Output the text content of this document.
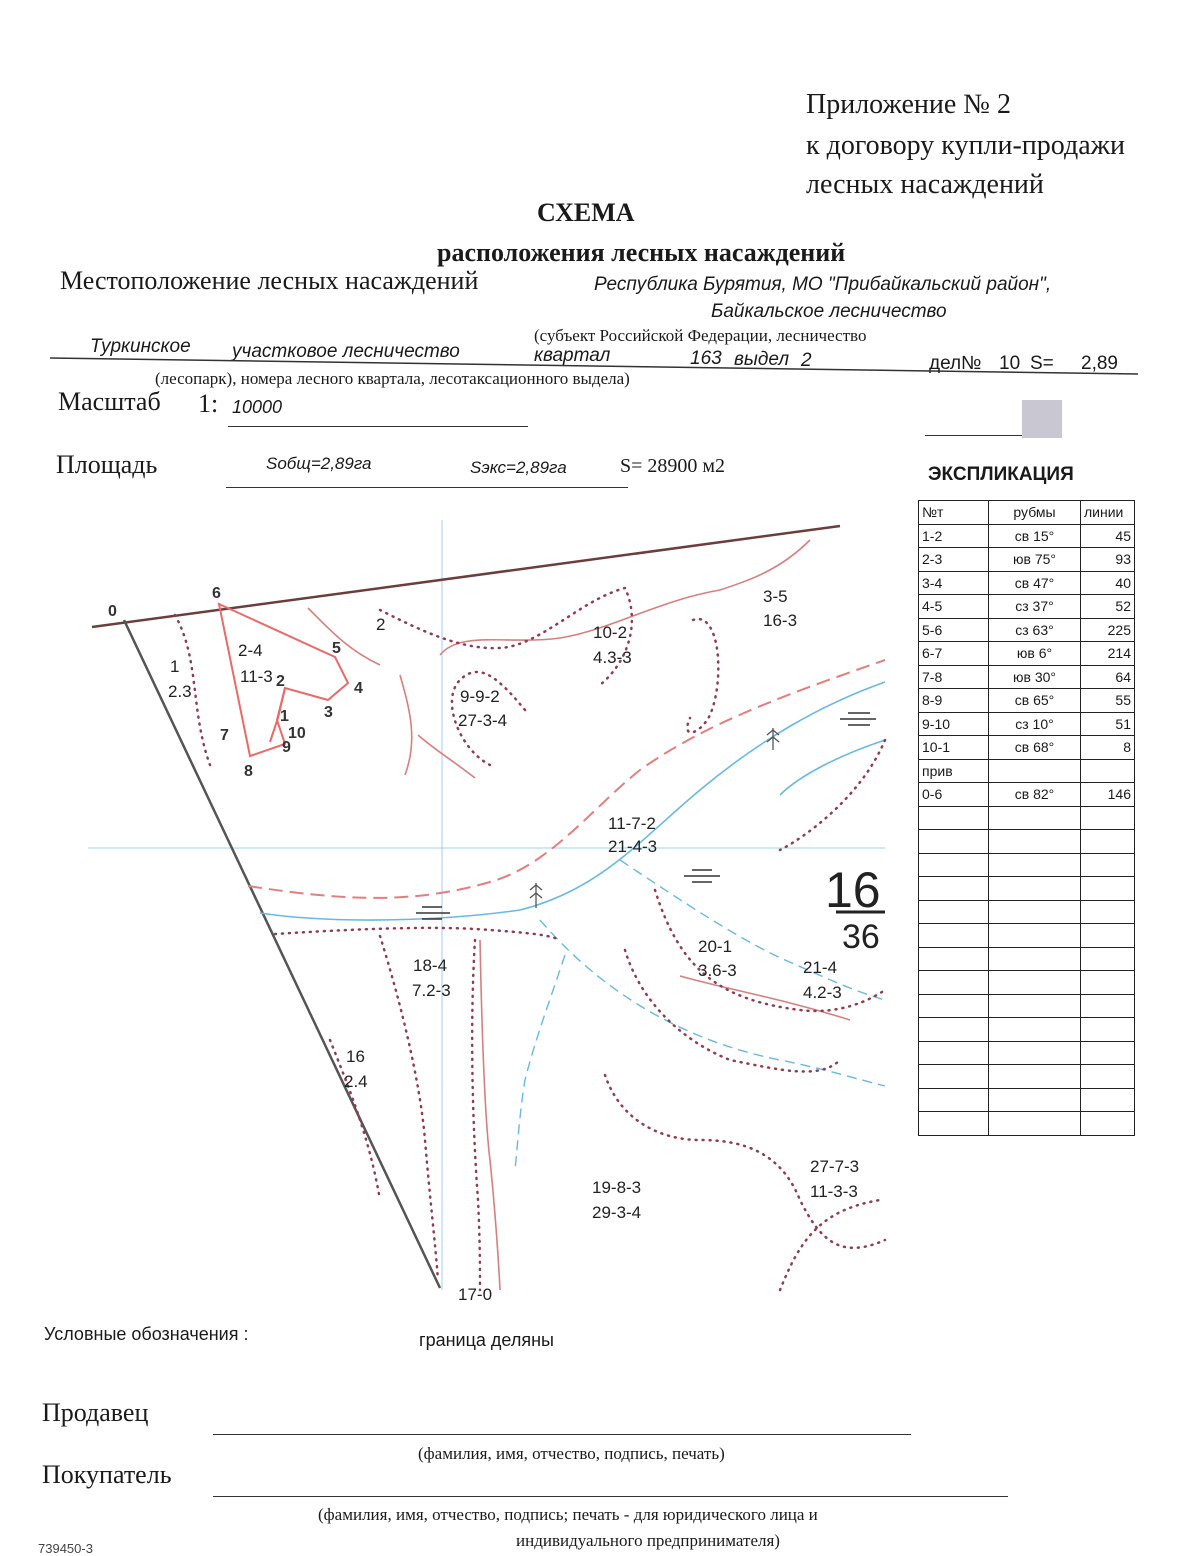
Приложение № 2
к договору купли-продажи
лесных насаждений
СХЕМА
расположения лесных насаждений
Местоположение лесных насаждений	Республика Бурятия, МО "Прибайкальский район",
Байкальское лесничество
(субъект Российской Федерации, лесничество
Туркинское участковое лесничество	квартал	163 выдел 2	дел№ 10 S= 2,89
(лесопарк), номера лесного квартала, лесотаксационного выдела)
Масштаб 1: 10000
Площадь	Sобщ=2,89га	Sэкс=2,89га	S= 28900 м2	ЭКСПЛИКАЦИЯ
№т	рубмы	линии
1-2	св 15°	45
2-3	юв 75°	93
3-4	св 47°	40
4-5	сз 37°	52
5-6	сз 63°	225
6-7	юв 6°	214
7-8	юв 30°	64
8-9	св 65°	55
9-10	сз 10°	51
10-1	св 68°	8
прив		
0-6	св 82°	146

0
6
5
4
3
2
1
10
9
8
7
1
2.3
2-4
11-3
2
3-5
16-3
10-2
4.3-3
9-9-2
27-3-4
11-7-2
21-4-3
18-4
7.2-3
20-1
3.6-3	21-4
4.2-3
16
2.4
19-8-3
29-3-4
27-7-3
11-3-3
16
36
17-0
Условные обозначения :	граница деляны
Продавец
(фамилия, имя, отчество, подпись, печать)
Покупатель
(фамилия, имя, отчество, подпись; печать - для юридического лица и
индивидуального предпринимателя)
739450-3
